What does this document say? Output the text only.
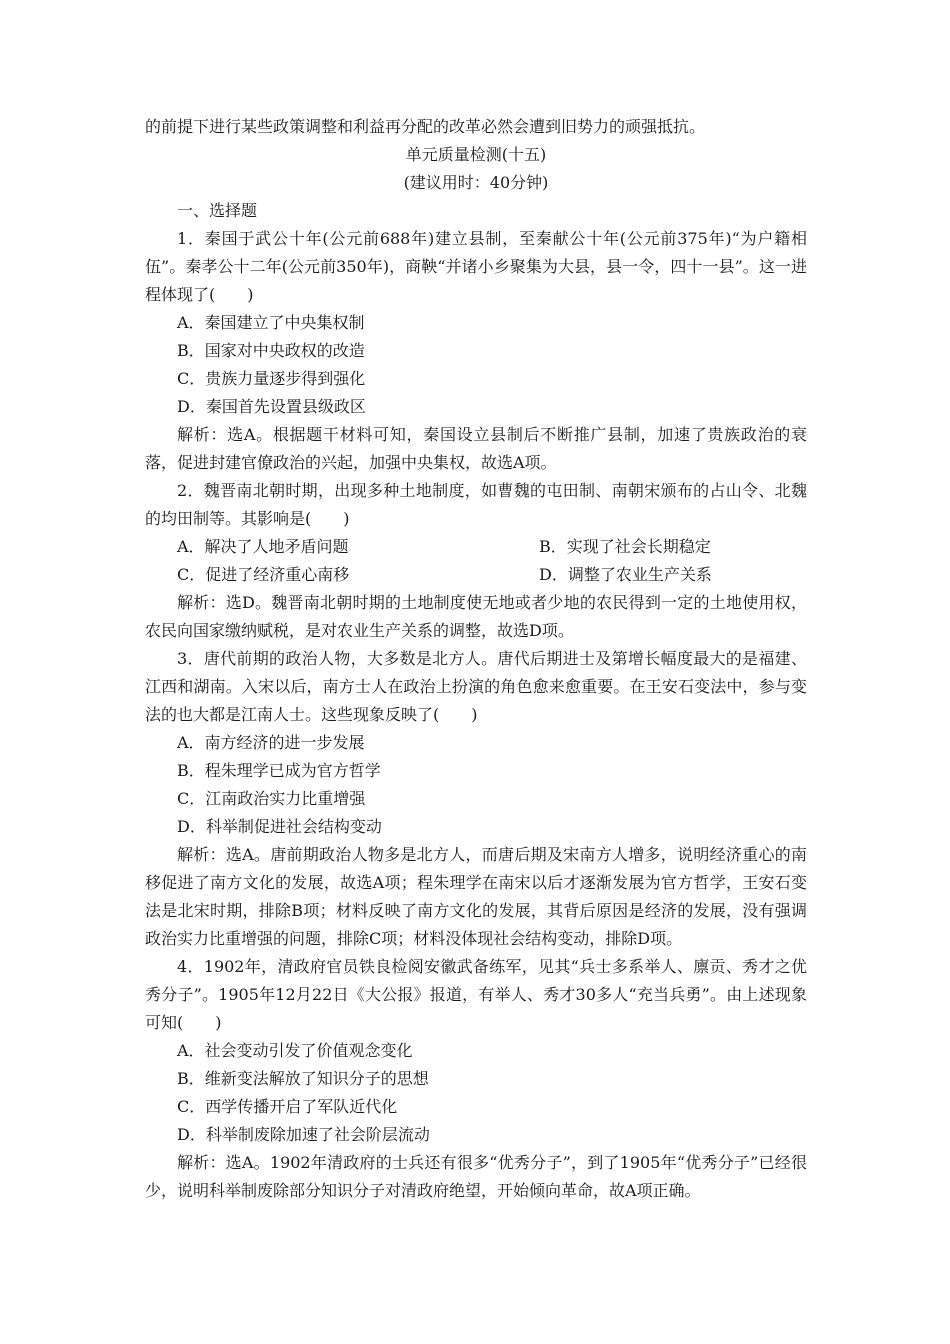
的前提下进行某些政策调整和利益再分配的改革必然会遭到旧势力的顽强抵抗。
单元质量检测(十五)
(建议用时：40分钟)
一、选择题
1．秦国于武公十年(公元前688年)建立县制，至秦献公十年(公元前375年)“为户籍相伍”。秦孝公十二年(公元前350年)，商鞅“并诸小乡聚集为大县，县一令，四十一县”。这一进程体现了(　　)
A．秦国建立了中央集权制
B．国家对中央政权的改造
C．贵族力量逐步得到强化
D．秦国首先设置县级政区
解析：选A。根据题干材料可知，秦国设立县制后不断推广县制，加速了贵族政治的衰落，促进封建官僚政治的兴起，加强中央集权，故选A项。
2．魏晋南北朝时期，出现多种土地制度，如曹魏的屯田制、南朝宋颁布的占山令、北魏的均田制等。其影响是(　　)
A．解决了人地矛盾问题	B．实现了社会长期稳定
C．促进了经济重心南移	D．调整了农业生产关系
解析：选D。魏晋南北朝时期的土地制度使无地或者少地的农民得到一定的土地使用权，农民向国家缴纳赋税，是对农业生产关系的调整，故选D项。
3．唐代前期的政治人物，大多数是北方人。唐代后期进士及第增长幅度最大的是福建、江西和湖南。入宋以后，南方士人在政治上扮演的角色愈来愈重要。在王安石变法中，参与变法的也大都是江南人士。这些现象反映了(　　)
A．南方经济的进一步发展
B．程朱理学已成为官方哲学
C．江南政治实力比重增强
D．科举制促进社会结构变动
解析：选A。唐前期政治人物多是北方人，而唐后期及宋南方人增多，说明经济重心的南移促进了南方文化的发展，故选A项；程朱理学在南宋以后才逐渐发展为官方哲学，王安石变法是北宋时期，排除B项；材料反映了南方文化的发展，其背后原因是经济的发展，没有强调政治实力比重增强的问题，排除C项；材料没体现社会结构变动，排除D项。
4．1902年，清政府官员铁良检阅安徽武备练军，见其“兵士多系举人、廪贡、秀才之优秀分子”。1905年12月22日《大公报》报道，有举人、秀才30多人“充当兵勇”。由上述现象可知(　　)
A．社会变动引发了价值观念变化
B．维新变法解放了知识分子的思想
C．西学传播开启了军队近代化
D．科举制废除加速了社会阶层流动
解析：选A。1902年清政府的士兵还有很多“优秀分子”，到了1905年“优秀分子”已经很少，说明科举制废除部分知识分子对清政府绝望，开始倾向革命，故A项正确。
